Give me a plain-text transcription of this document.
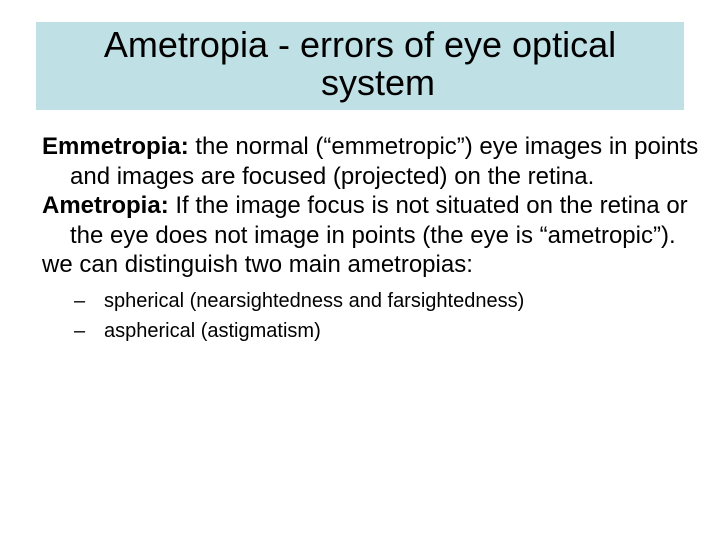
Ametropia - errors of eye optical
system

Emmetropia: the normal (“emmetropic”) eye images in points and images are focused (projected) on the retina.

Ametropia: If the image focus is not situated on the retina or the eye does not image in points (the eye is “ametropic”).

we can distinguish two main ametropias:

– spherical (nearsightedness and farsightedness)
– aspherical (astigmatism)
